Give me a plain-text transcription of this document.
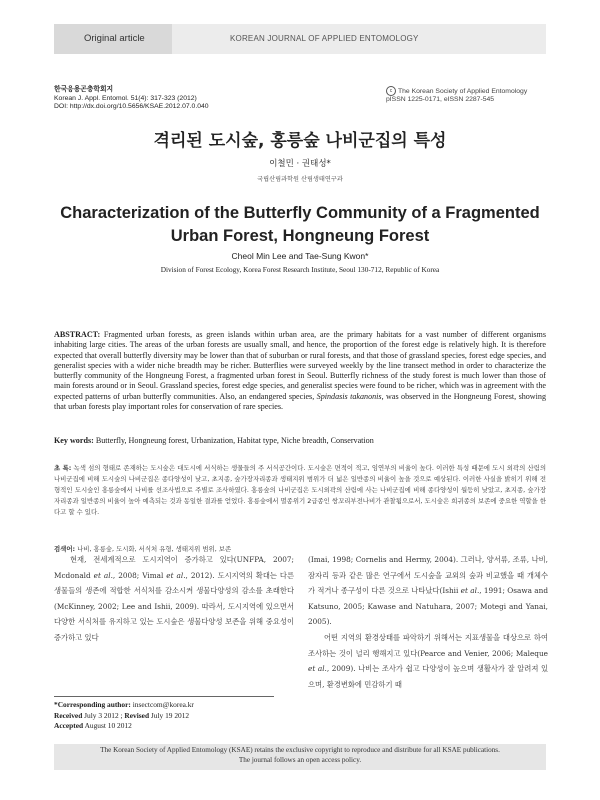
Original article	KOREAN JOURNAL OF APPLIED ENTOMOLOGY
한국응용곤충학회지
Korean J. Appl. Entomol. 51(4): 317-323 (2012)
DOI: http://dx.doi.org/10.5656/KSAE.2012.07.0.040
c The Korean Society of Applied Entomology
pISSN 1225-0171, eISSN 2287-545
격리된 도시숲, 홍릉숲 나비군집의 특성
이철민 · 권태성*
국립산림과학원 산림생태연구과
Characterization of the Butterfly Community of a Fragmented
Urban Forest, Hongneung Forest
Cheol Min Lee and Tae-Sung Kwon*
Division of Forest Ecology, Korea Forest Research Institute, Seoul 130-712, Republic of Korea
ABSTRACT: Fragmented urban forests, as green islands within urban area, are the primary habitats for a vast number of different organisms inhabiting large cities. The areas of the urban forests are usually small, and hence, the proportion of the forest edge is relatively high. It is therefore expected that overall butterfly diversity may be lower than that of suburban or rural forests, and that those of grassland species, forest edge species, and generalist species with a wider niche breadth may be richer. Butterflies were surveyed weekly by the line transect method in order to characterize the butterfly community of the Hongneung Forest, a fragmented urban forest in Seoul. Butterfly richness of the study forest is much lower than those of main forests around or in Seoul. Grassland species, forest edge species, and generalist species were found to be richer, which was in agreement with the expected patterns of urban butterfly communities. Also, an endangered species, Spindasis takanonis, was observed in the Hongneung Forest, showing that urban forests play important roles for conservation of rare species.
Key words: Butterfly, Hongneung forest, Urbanization, Habitat type, Niche breadth, Conservation
초 록: 녹색 섬의 형태로 존재하는 도시숲은 대도시에 서식하는 생물들의 주 서식공간이다. 도시숲은 면적이 적고, 임연부의 비율이 높다. 이러한 특성 때문에 도시 외곽의 산림의 나비군집에 비해 도시숲의 나비군집은 종다양성이 낮고, 초지종, 숲가장자리종과 생태지위 범위가 더 넓은 일반종의 비율이 높을 것으로 예상된다. 이러한 사실을 밝히기 위해 전형적인 도시숲인 홍릉숲에서 나비를 선조사법으로 주별로 조사하였다. 홍릉숲의 나비군집은 도시외곽의 산림에 사는 나비군집에 비해 종다양성이 월등히 낮았고, 초지종, 숲가장자리종과 일반종의 비율이 높아 예측되는 것과 동일한 결과를 얻었다. 홍릉숲에서 멸종위기 2급종인 쌍꼬리부전나비가 관찰됨으로서, 도시숲은 희귀종의 보존에 중요한 역할을 한다고 할 수 있다.
검색어: 나비, 홍릉숲, 도시화, 서식처 유형, 생태지위 범위, 보존

현재, 전세계적으로 도시지역이 증가하고 있다(UNFPA, 2007; Mcdonald et al., 2008; Vimal et al., 2012). 도시지역의 확대는 다른 생물들의 생존에 적합한 서식처를 감소시켜 생물다양성의 감소를 초래한다(McKinney, 2002; Lee and Ishii, 2009). 따라서, 도시지역에 있으면서 다양한 서식처를 유지하고 있는 도시숲은 생물다양성 보존을 위해 중요성이 증가하고 있다

(Imai, 1998; Cornelis and Hermy, 2004). 그러나, 양서류, 조류, 나비, 잠자리 등과 같은 많은 연구에서 도시숲을 교외의 숲과 비교했을 때 개체수가 적거나 종구성이 다른 것으로 나타났다(Ishii et al., 1991; Osawa and Katsuno, 2005; Kawase and Natuhara, 2007; Motegi and Yanai, 2005).

어떤 지역의 환경상태를 파악하기 위해서는 지표생물을 대상으로 하여 조사하는 것이 널리 행해지고 있다(Pearce and Venier, 2006; Maleque et al., 2009). 나비는 조사가 쉽고 다양성이 높으며 생활사가 잘 알려져 있으며, 환경변화에 민감하기 때

*Corresponding author: insectcom@korea.kr
Received July 3 2012 ; Revised July 19 2012
Accepted August 10 2012
The Korean Society of Applied Entomology (KSAE) retains the exclusive copyright to reproduce and distribute for all KSAE publications.
The journal follows an open access policy.
